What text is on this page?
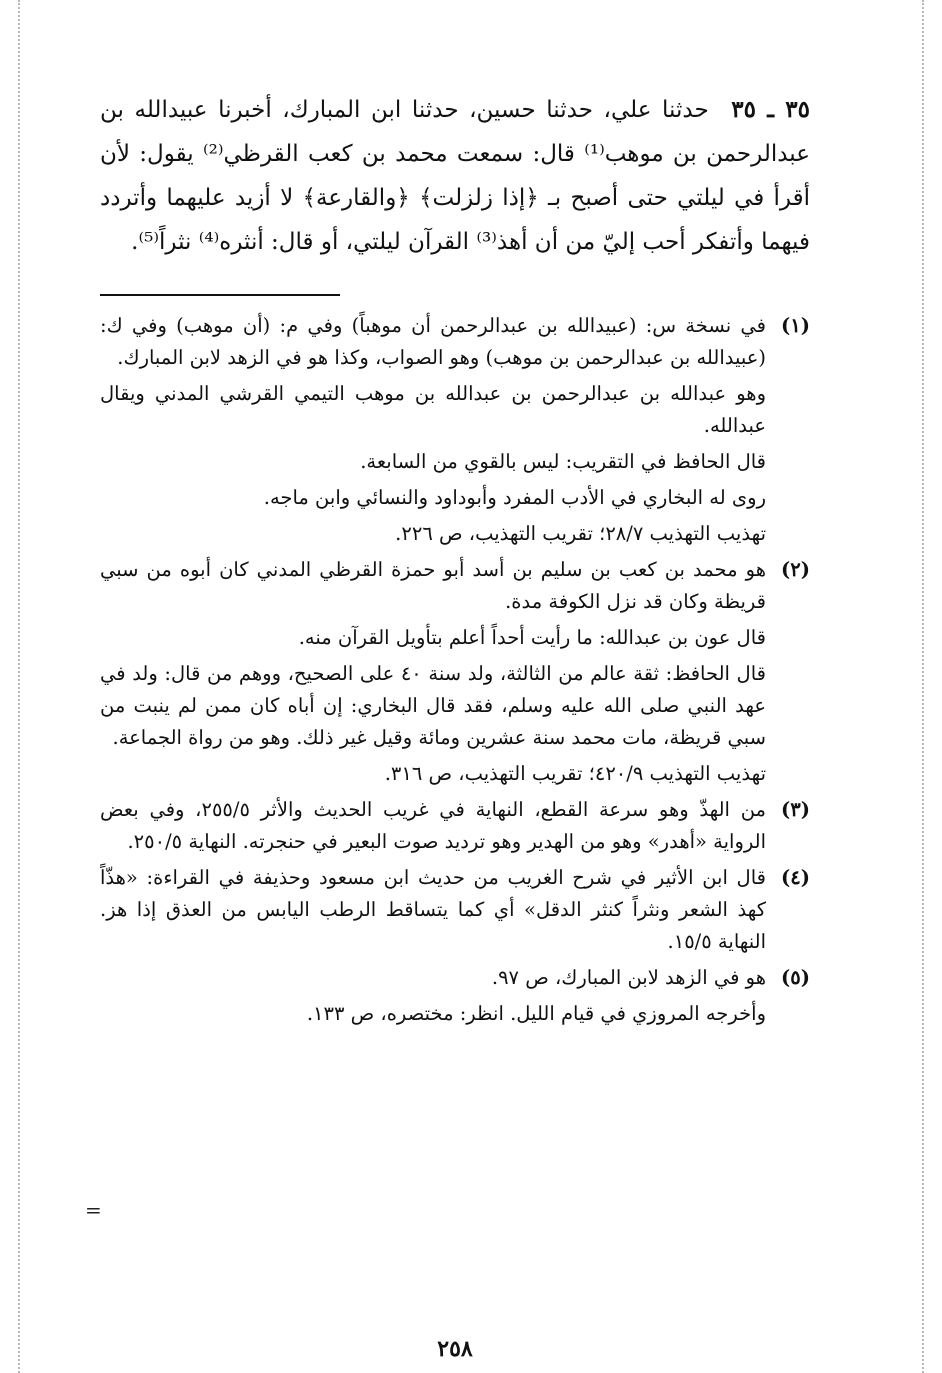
٣٥ ـ ٣٥ حدثنا علي، حدثنا حسين، حدثنا ابن المبارك، أخبرنا عبيدالله بن عبدالرحمن بن موهب⁽¹⁾ قال: سمعت محمد بن كعب القرظي⁽²⁾ يقول: لأن أقرأ في ليلتي حتى أصبح بـ ﴿إذا زلزلت﴾ ﴿والقارعة﴾ لا أزيد عليهما وأتردد فيهما وأتفكر أحب إليّ من أن أهذ⁽³⁾ القرآن ليلتي، أو قال: أنثره⁽⁴⁾ نثراً⁽⁵⁾.

(١)

في نسخة س: (عبيدالله بن عبدالرحمن أن موهباً) وفي م: (أن موهب) وفي ك: (عبيدالله بن عبدالرحمن بن موهب) وهو الصواب، وكذا هو في الزهد لابن المبارك.

وهو عبدالله بن عبدالرحمن بن عبدالله بن موهب التيمي القرشي المدني ويقال عبدالله.

قال الحافظ في التقريب: ليس بالقوي من السابعة.

روى له البخاري في الأدب المفرد وأبوداود والنسائي وابن ماجه.

تهذيب التهذيب ٢٨/٧؛ تقريب التهذيب، ص ٢٢٦.

(٢)

هو محمد بن كعب بن سليم بن أسد أبو حمزة القرظي المدني كان أبوه من سبي قريظة وكان قد نزل الكوفة مدة.

قال عون بن عبدالله: ما رأيت أحداً أعلم بتأويل القرآن منه.

قال الحافظ: ثقة عالم من الثالثة، ولد سنة ٤٠ على الصحيح، ووهم من قال: ولد في عهد النبي صلى الله عليه وسلم، فقد قال البخاري: إن أباه كان ممن لم ينبت من سبي قريظة، مات محمد سنة عشرين ومائة وقيل غير ذلك. وهو من رواة الجماعة.

تهذيب التهذيب ٤٢٠/٩؛ تقريب التهذيب، ص ٣١٦.

(٣)

من الهذّ وهو سرعة القطع، النهاية في غريب الحديث والأثر ٢٥٥/٥، وفي بعض الرواية «أهدر» وهو من الهدير وهو ترديد صوت البعير في حنجرته. النهاية ٢٥٠/٥.

(٤)

قال ابن الأثير في شرح الغريب من حديث ابن مسعود وحذيفة في القراءة: «هذّاً كهذ الشعر ونثراً كنثر الدقل» أي كما يتساقط الرطب اليابس من العذق إذا هز. النهاية ١٥/٥.

(٥)

هو في الزهد لابن المبارك، ص ٩٧.

وأخرجه المروزي في قيام الليل. انظر: مختصره، ص ١٣٣.

٢٥٨
=
